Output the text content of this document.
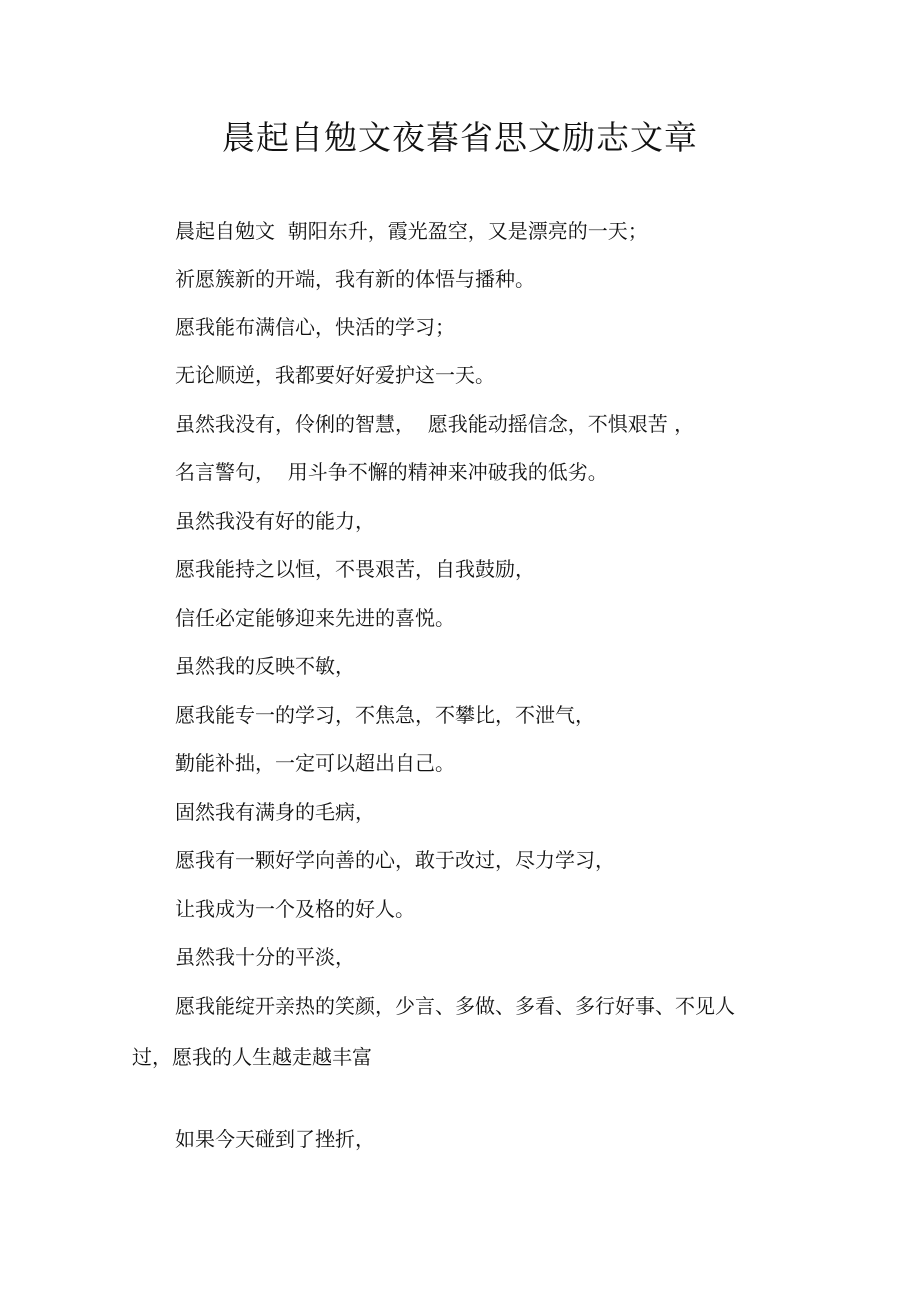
晨起自勉文夜暮省思文励志文章

晨起自勉文  朝阳东升，霞光盈空，又是漂亮的一天；

祈愿簇新的开端，我有新的体悟与播种。

愿我能布满信心，快活的学习；

无论顺逆，我都要好好爱护这一天。

虽然我没有，伶俐的智慧，  愿我能动摇信念，不惧艰苦 ，

名言警句，  用斗争不懈的精神来冲破我的低劣。

虽然我没有好的能力，

愿我能持之以恒，不畏艰苦，自我鼓励，

信任必定能够迎来先进的喜悦。

虽然我的反映不敏，

愿我能专一的学习，不焦急，不攀比，不泄气，

勤能补拙，一定可以超出自己。

固然我有满身的毛病，

愿我有一颗好学向善的心，敢于改过，尽力学习，

让我成为一个及格的好人。

虽然我十分的平淡，

愿我能绽开亲热的笑颜，少言、多做、多看、多行好事、不见人

过，愿我的人生越走越丰富

如果今天碰到了挫折，
